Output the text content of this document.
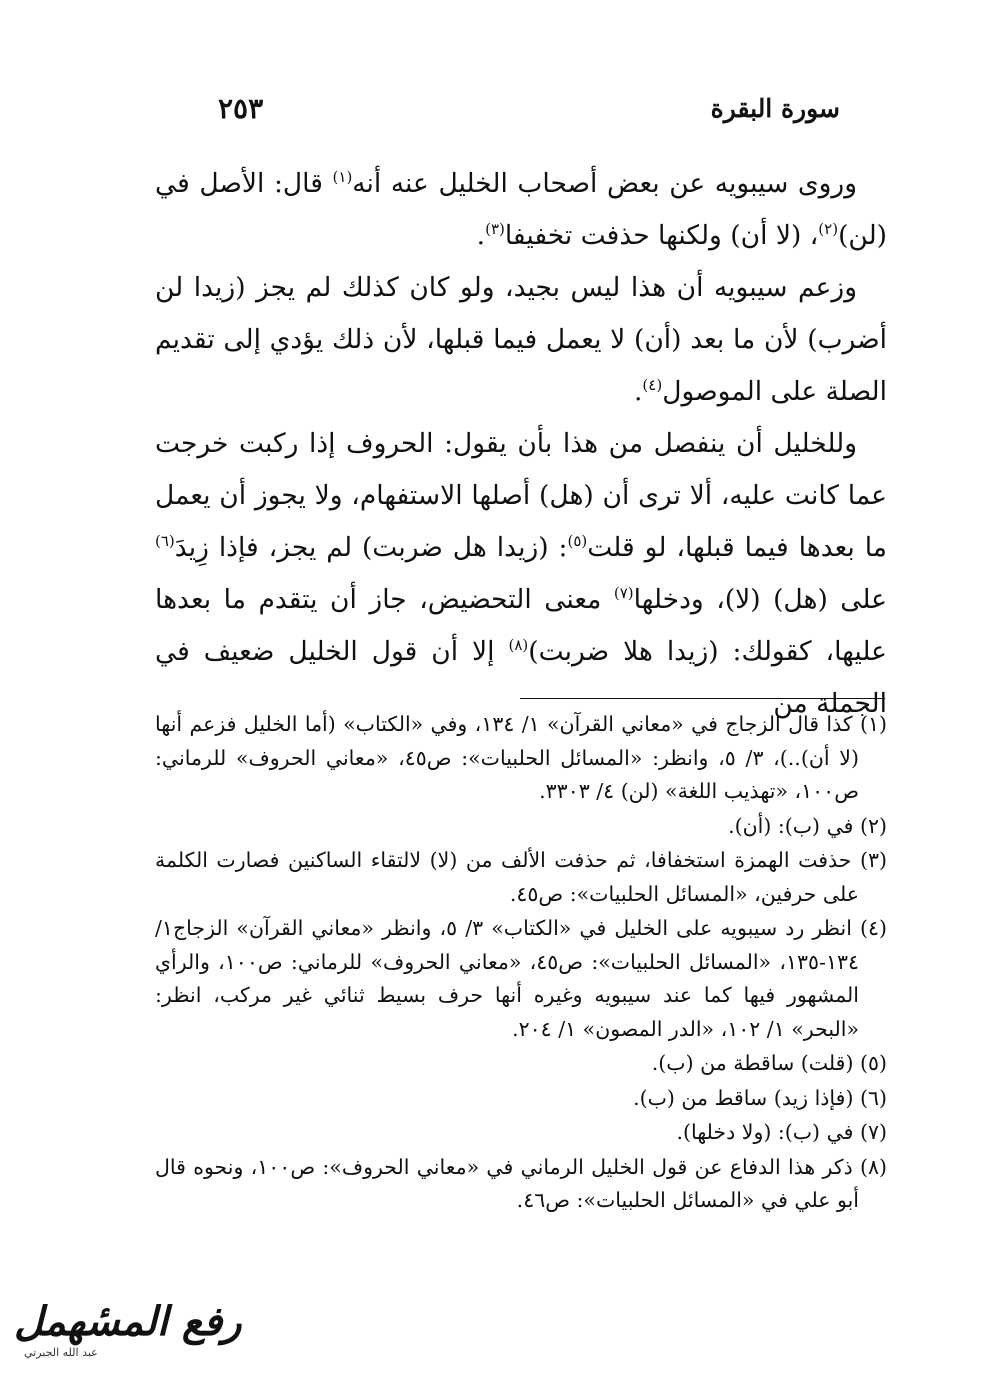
سورة البقرة
٢٥٣

وروى سيبويه عن بعض أصحاب الخليل عنه أنه$^{(١)}$ قال: الأصل في (لن)$^{(٢)}$، (لا أن) ولكنها حذفت تخفيفا$^{(٣)}$.

وزعم سيبويه أن هذا ليس بجيد، ولو كان كذلك لم يجز (زيدا لن أضرب) لأن ما بعد (أن) لا يعمل فيما قبلها، لأن ذلك يؤدي إلى تقديم الصلة على الموصول$^{(٤)}$.

وللخليل أن ينفصل من هذا بأن يقول: الحروف إذا ركبت خرجت عما كانت عليه، ألا ترى أن (هل) أصلها الاستفهام، ولا يجوز أن يعمل ما بعدها فيما قبلها، لو قلت$^{(٥)}$: (زيدا هل ضربت) لم يجز، فإذا زِيدَ$^{(٦)}$ على (هل) (لا)، ودخلها$^{(٧)}$ معنى التحضيض، جاز أن يتقدم ما بعدها عليها، كقولك: (زيدا هلا ضربت)$^{(٨)}$ إلا أن قول الخليل ضعيف في الجملة من

(١) كذا قال الزجاج في «معاني القرآن» ١/ ١٣٤، وفي «الكتاب» (أما الخليل فزعم أنها (لا أن)..)، ٣/ ٥، وانظر: «المسائل الحلبيات»: ص٤٥، «معاني الحروف» للرماني: ص١٠٠، «تهذيب اللغة» (لن) ٤/ ٣٣٠٣.

(٢) في (ب): (أن).

(٣) حذفت الهمزة استخفافا، ثم حذفت الألف من (لا) لالتقاء الساكنين فصارت الكلمة على حرفين، «المسائل الحلبيات»: ص٤٥.

(٤) انظر رد سيبويه على الخليل في «الكتاب» ٣/ ٥، وانظر «معاني القرآن» الزجاج١/ ١٣٤-١٣٥، «المسائل الحلبيات»: ص٤٥، «معاني الحروف» للرماني: ص١٠٠، والرأي المشهور فيها كما عند سيبويه وغيره أنها حرف بسيط ثنائي غير مركب، انظر: «البحر» ١/ ١٠٢، «الدر المصون» ١/ ٢٠٤.

(٥) (قلت) ساقطة من (ب).

(٦) (فإذا زيد) ساقط من (ب).

(٧) في (ب): (ولا دخلها).

(٨) ذكر هذا الدفاع عن قول الخليل الرماني في «معاني الحروف»: ص١٠٠، ونحوه قال أبو علي في «المسائل الحلبيات»: ص٤٦.

رفع المسٔهمل
عبد الله الجبرتي
